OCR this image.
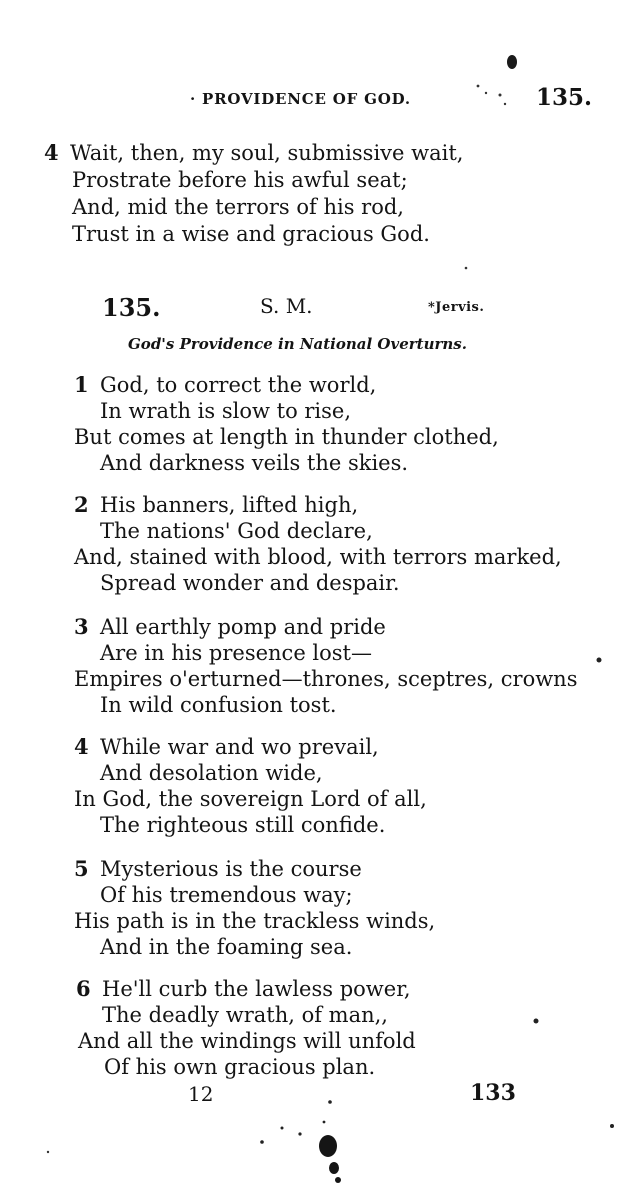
· PROVIDENCE OF GOD.	135.
4 Wait, then, my soul, submissive wait,
Prostrate before his awful seat;
And, mid the terrors of his rod,
Trust in a wise and gracious God.
135.	S. M.	*Jervis.
God's Providence in National Overturns.
1 God, to correct the world,
In wrath is slow to rise,
But comes at length in thunder clothed,
And darkness veils the skies.
2 His banners, lifted high,
The nations' God declare,
And, stained with blood, with terrors marked,
Spread wonder and despair.
3 All earthly pomp and pride
Are in his presence lost—
Empires o'erturned—thrones, sceptres, crowns
In wild confusion tost.
4 While war and wo prevail,
And desolation wide,
In God, the sovereign Lord of all,
The righteous still confide.
5 Mysterious is the course
Of his tremendous way;
His path is in the trackless winds,
And in the foaming sea.
6 He'll curb the lawless power,
The deadly wrath, of man,,
And all the windings will unfold
Of his own gracious plan.
12	133
